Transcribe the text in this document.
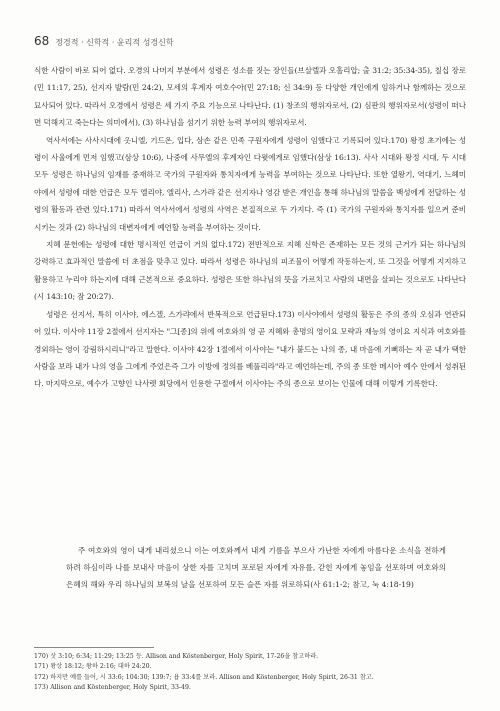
68 정경적 · 신학적 · 윤리적 성경신학

식한 사람이 바로 되어 없다. 오경의 나머지 부분에서 성령은 성소를 짓는 장인들(브살렐과 오홀리압; 출 31:2; 35:34-35), 칠십 장로(민 11:17, 25), 선지자 발람(민 24:2), 모세의 후계자 여호수아(민 27:18; 신 34:9) 등 다양한 개인에게 임하거나 함께하는 것으로 묘사되어 있다. 따라서 오경에서 성령은 세 가지 주요 기능으로 나타난다. (1) 창조의 행위자로서, (2) 심판의 행위자로서(성령이 떠나면 덕해지고 죽는다는 의미에서), (3) 하나님을 섬기기 위한 능력 부여의 행위자로서.

역사서에는 사사시대에 옷니엘, 기드온, 입다, 삼손 같은 민족 구원자에게 성령이 임했다고 기록되어 있다.170) 왕정 초기에는 성령이 사울에게 먼저 임했고(삼상 10:6), 나중에 사무엘의 후계자인 다윗에게로 임했다(삼상 16:13). 사사 시대와 왕정 시대, 두 시대 모두 성령은 하나님의 임재를 중재하고 국가의 구원자와 통치자에게 능력을 부여하는 것으로 나타난다. 또한 열왕기, 역대기, 느헤미야에서 성령에 대한 언급은 모두 엘리야, 엘리사, 스가랴 같은 선지자나 영감 받은 개인을 통해 하나님의 말씀을 백성에게 전달하는 성령의 활동과 관련 있다.171) 따라서 역사서에서 성령의 사역은 본질적으로 두 가지다. 즉 (1) 국가의 구원자와 통치자를 일으켜 준비시키는 것과 (2) 하나님의 대변자에게 예언할 능력을 부여하는 것이다.

지혜 문헌에는 성령에 대한 명시적인 언급이 거의 없다.172) 전반적으로 지혜 신학은 존재하는 모든 것의 근거가 되는 하나님의 강력하고 효과적인 말씀에 더 초점을 맞추고 있다. 따라서 성령은 하나님의 피조물이 어떻게 작동하는지, 또 그것을 어떻게 지지하고 활용하고 누리야 하는지에 대해 근본적으로 중요하다. 성령은 또한 하나님의 뜻을 가르치고 사람의 내면을 살피는 것으로도 나타난다(시 143:10; 잠 20:27).

성령은 선지서, 특히 이사야, 에스겔, 스가랴에서 반복적으로 언급된다.173) 이사야에서 성령의 활동은 주의 종의 오심과 연관되어 있다. 이사야 11장 2절에서 선지자는 "그[종]의 위에 여호와의 영 곧 지혜와 총명의 영이요 모략과 재능의 영이요 지식과 여호와를 경외하는 영이 강림하시리니"라고 말한다. 이사야 42장 1절에서 이사야는 "내가 붙드는 나의 종, 내 마음에 기뻐하는 자 곧 내가 택한 사람을 보라 내가 나의 영을 그에게 주었은즉 그가 이방에 정의를 베풀리라"라고 예언하는데, 주의 종 또한 메시아 예수 안에서 성취된다. 마지막으로, 예수가 고향인 나사렛 회당에서 인용한 구절에서 이사야는 주의 종으로 보이는 인물에 대해 이렇게 기록한다.

주 여호와의 영이 내게 내리셨으니 이는 여호와께서 내게 기름을 부으사 가난한 자에게 아름다운 소식을 전하게 하려 하심이라 나를 보내사 마음이 상한 자를 고치며 포로된 자에게 자유를, 갇힌 자에게 놓임을 선포하며 여호와의 은혜의 해와 우리 하나님의 보복의 날을 선포하여 모든 슬픈 자를 위로하되(사 61:1-2; 참고, 눅 4:18-19)
170) 삿 3:10; 6:34; 11:29; 13:25 등. Allison and Köstenberger, Holy Spirit, 17-26을 참고하라.
171) 왕상 18:12; 왕하 2:16; 대하 24:20.
172) 하지만 예를 들어, 시 33:6; 104:30; 139:7; 욥 33:4를 보라. Allison and Köstenberger, Holy Spirit, 26-31 참고.
173) Allison and Köstenberger, Holy Spirit, 33-49.
